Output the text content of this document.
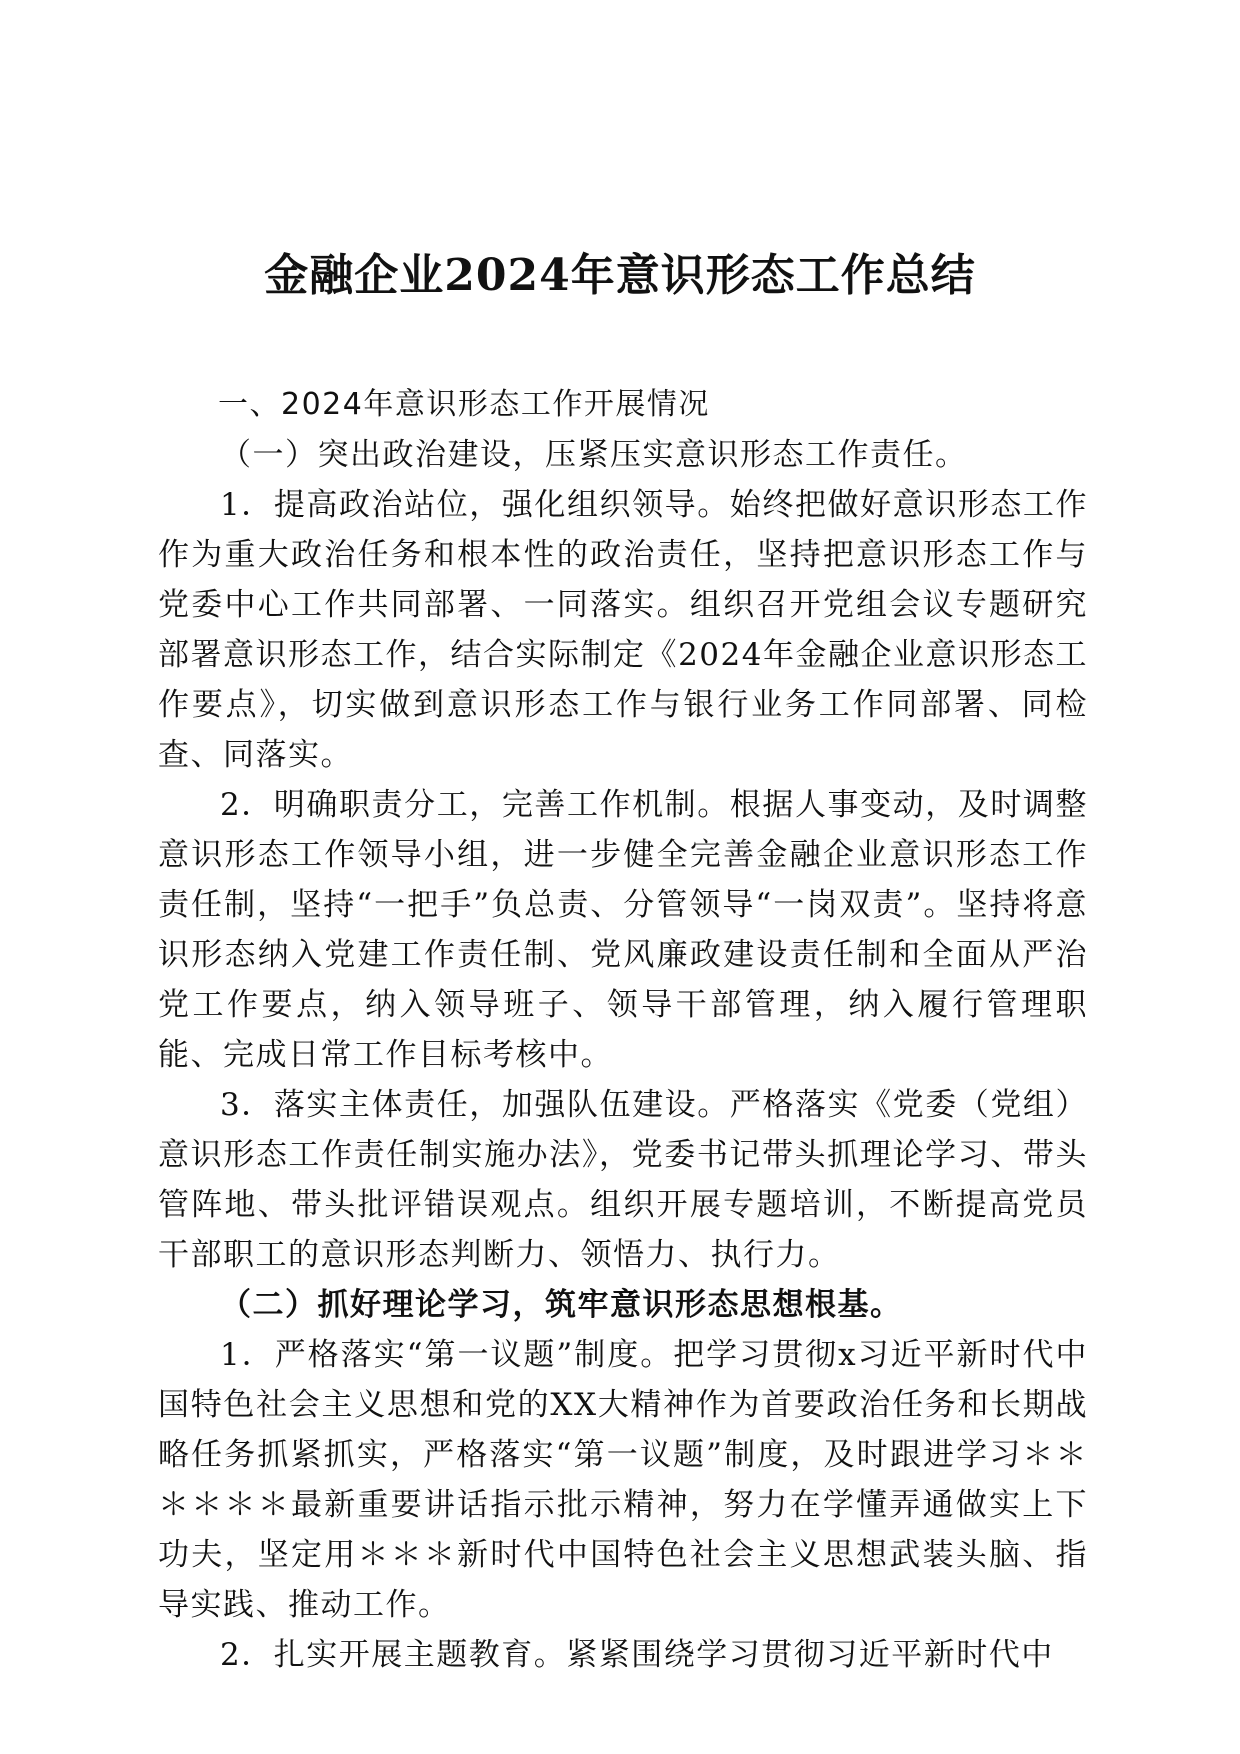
金融企业2024年意识形态工作总结

一、2024年意识形态工作开展情况

（一）突出政治建设，压紧压实意识形态工作责任。

1．提高政治站位，强化组织领导。始终把做好意识形态工作作为重大政治任务和根本性的政治责任，坚持把意识形态工作与党委中心工作共同部署、一同落实。组织召开党组会议专题研究部署意识形态工作，结合实际制定《2024年金融企业意识形态工作要点》，切实做到意识形态工作与银行业务工作同部署、同检查、同落实。

2．明确职责分工，完善工作机制。根据人事变动，及时调整意识形态工作领导小组，进一步健全完善金融企业意识形态工作责任制，坚持“一把手”负总责、分管领导“一岗双责”。坚持将意识形态纳入党建工作责任制、党风廉政建设责任制和全面从严治党工作要点，纳入领导班子、领导干部管理，纳入履行管理职能、完成日常工作目标考核中。

3．落实主体责任，加强队伍建设。严格落实《党委（党组）意识形态工作责任制实施办法》，党委书记带头抓理论学习、带头管阵地、带头批评错误观点。组织开展专题培训，不断提高党员干部职工的意识形态判断力、领悟力、执行力。

（二）抓好理论学习，筑牢意识形态思想根基。

1．严格落实“第一议题”制度。把学习贯彻x习近平新时代中国特色社会主义思想和党的XX大精神作为首要政治任务和长期战略任务抓紧抓实，严格落实“第一议题”制度，及时跟进学习＊＊＊＊＊＊最新重要讲话指示批示精神，努力在学懂弄通做实上下功夫，坚定用＊＊＊新时代中国特色社会主义思想武装头脑、指导实践、推动工作。

2．扎实开展主题教育。紧紧围绕学习贯彻习近平新时代中
